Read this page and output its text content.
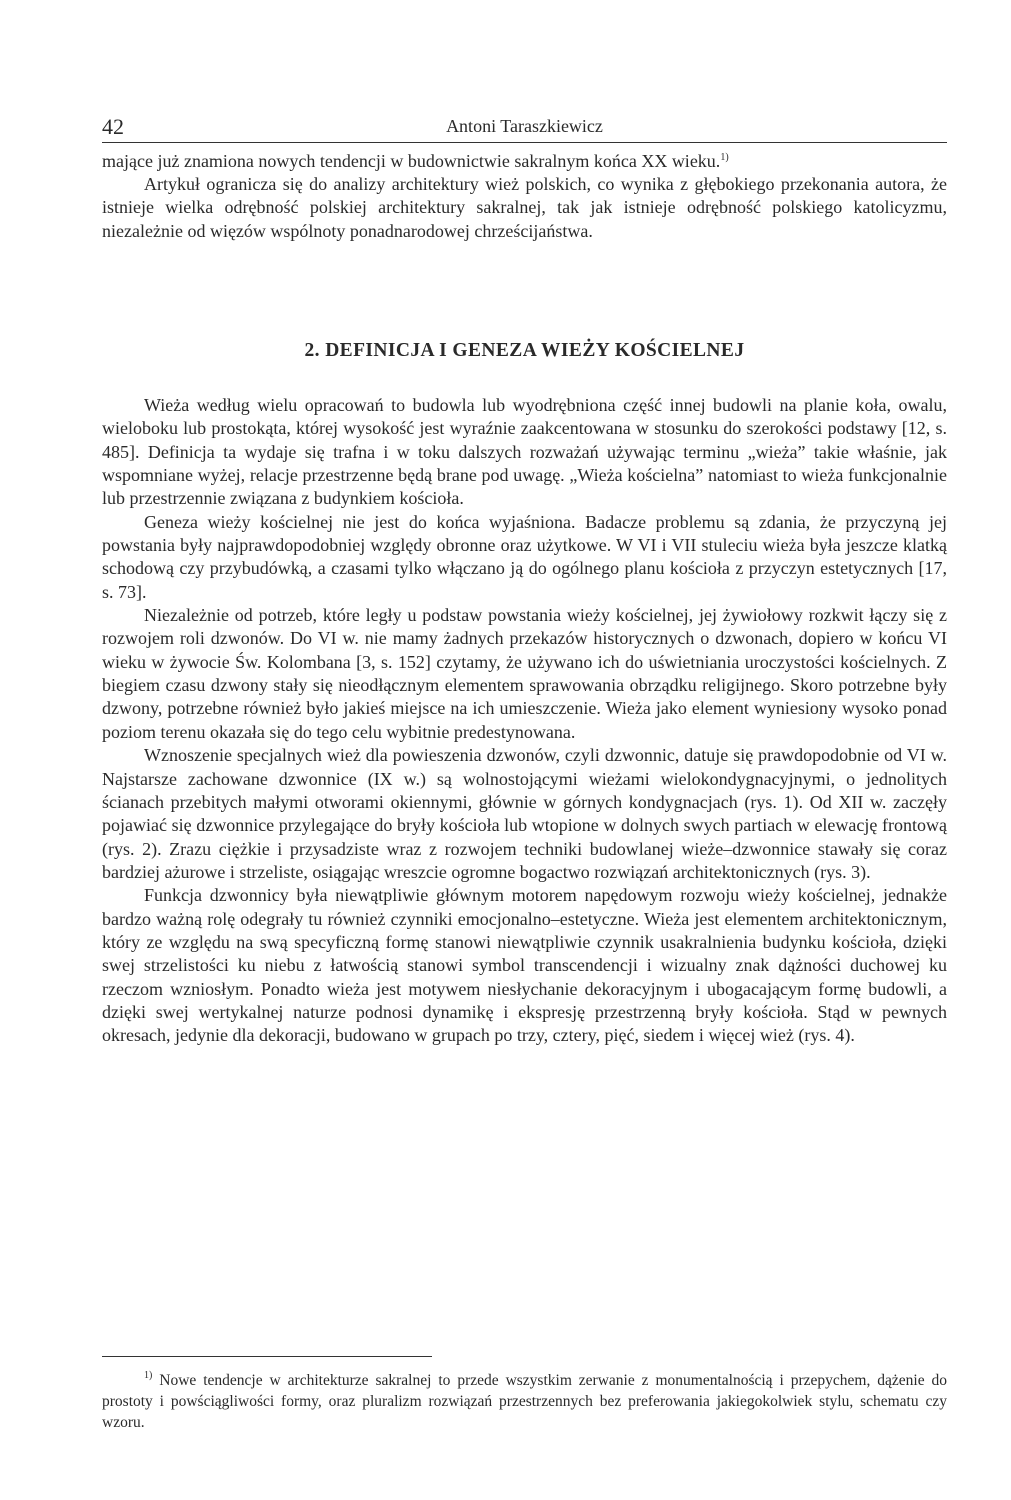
42	Antoni Taraszkiewicz

mające już znamiona nowych tendencji w budownictwie sakralnym końca XX wieku.$^{1)}$

Artykuł ogranicza się do analizy architektury wież polskich, co wynika z głębokiego przekonania autora, że istnieje wielka odrębność polskiej architektury sakralnej, tak jak istnieje odrębność polskiego katolicyzmu, niezależnie od więzów wspólnoty ponadnarodowej chrześcijaństwa.

2. DEFINICJA I GENEZA WIEŻY KOŚCIELNEJ

Wieża według wielu opracowań to budowla lub wyodrębniona część innej budowli na planie koła, owalu, wieloboku lub prostokąta, której wysokość jest wyraźnie zaakcentowana w stosunku do szerokości podstawy [12, s. 485]. Definicja ta wydaje się trafna i w toku dalszych rozważań używając terminu „wieża” takie właśnie, jak wspomniane wyżej, relacje przestrzenne będą brane pod uwagę. „Wieża kościelna” natomiast to wieża funkcjonalnie lub przestrzennie związana z budynkiem kościoła.

Geneza wieży kościelnej nie jest do końca wyjaśniona. Badacze problemu są zdania, że przyczyną jej powstania były najprawdopodobniej względy obronne oraz użytkowe. W VI i VII stuleciu wieża była jeszcze klatką schodową czy przybudówką, a czasami tylko włączano ją do ogólnego planu kościoła z przyczyn estetycznych [17, s. 73].

Niezależnie od potrzeb, które legły u podstaw powstania wieży kościelnej, jej żywiołowy rozkwit łączy się z rozwojem roli dzwonów. Do VI w. nie mamy żadnych przekazów historycznych o dzwonach, dopiero w końcu VI wieku w żywocie Św. Kolombana [3, s. 152] czytamy, że używano ich do uświetniania uroczystości kościelnych. Z biegiem czasu dzwony stały się nieodłącznym elementem sprawowania obrządku religijnego. Skoro potrzebne były dzwony, potrzebne również było jakieś miejsce na ich umieszczenie. Wieża jako element wyniesiony wysoko ponad poziom terenu okazała się do tego celu wybitnie predestynowana.

Wznoszenie specjalnych wież dla powieszenia dzwonów, czyli dzwonnic, datuje się prawdopodobnie od VI w. Najstarsze zachowane dzwonnice (IX w.) są wolnostojącymi wieżami wielokondygnacyjnymi, o jednolitych ścianach przebitych małymi otworami okiennymi, głównie w górnych kondygnacjach (rys. 1). Od XII w. zaczęły pojawiać się dzwonnice przylegające do bryły kościoła lub wtopione w dolnych swych partiach w elewację frontową (rys. 2). Zrazu ciężkie i przysadziste wraz z rozwojem techniki budowlanej wieże–dzwonnice stawały się coraz bardziej ażurowe i strzeliste, osiągając wreszcie ogromne bogactwo rozwiązań architektonicznych (rys. 3).

Funkcja dzwonnicy była niewątpliwie głównym motorem napędowym rozwoju wieży kościelnej, jednakże bardzo ważną rolę odegrały tu również czynniki emocjonalno–estetyczne. Wieża jest elementem architektonicznym, który ze względu na swą specyficzną formę stanowi niewątpliwie czynnik usakralnienia budynku kościoła, dzięki swej strzelistości ku niebu z łatwością stanowi symbol transcendencji i wizualny znak dążności duchowej ku rzeczom wzniosłym. Ponadto wieża jest motywem niesłychanie dekoracyjnym i ubogacającym formę budowli, a dzięki swej wertykalnej naturze podnosi dynamikę i ekspresję przestrzenną bryły kościoła. Stąd w pewnych okresach, jedynie dla dekoracji, budowano w grupach po trzy, cztery, pięć, siedem i więcej wież (rys. 4).

$^{1)}$ Nowe tendencje w architekturze sakralnej to przede wszystkim zerwanie z monumentalnością i przepychem, dążenie do prostoty i powściągliwości formy, oraz pluralizm rozwiązań przestrzennych bez preferowania jakiegokolwiek stylu, schematu czy wzoru.
